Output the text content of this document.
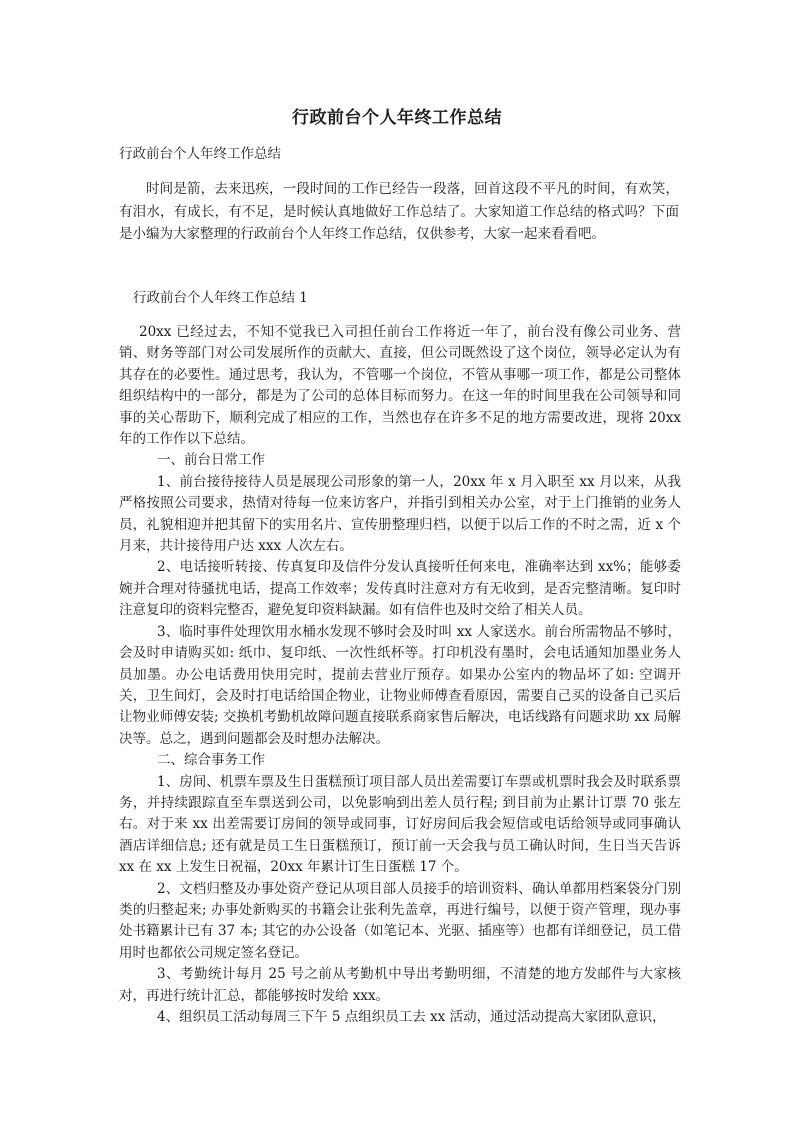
行政前台个人年终工作总结
行政前台个人年终工作总结
时间是箭，去来迅疾，一段时间的工作已经告一段落，回首这段不平凡的时间，有欢笑，有泪水，有成长，有不足，是时候认真地做好工作总结了。大家知道工作总结的格式吗？下面是小编为大家整理的行政前台个人年终工作总结，仅供参考，大家一起来看看吧。
行政前台个人年终工作总结 1

20xx 已经过去，不知不觉我已入司担任前台工作将近一年了，前台没有像公司业务、营销、财务等部门对公司发展所作的贡献大、直接，但公司既然设了这个岗位，领导必定认为有其存在的必要性。通过思考，我认为，不管哪一个岗位，不管从事哪一项工作，都是公司整体组织结构中的一部分，都是为了公司的总体目标而努力。在这一年的时间里我在公司领导和同事的关心帮助下，顺利完成了相应的工作，当然也存在许多不足的地方需要改进，现将 20xx 年的工作作以下总结。

一、前台日常工作

1、前台接待接待人员是展现公司形象的第一人，20xx 年 x 月入职至 xx 月以来，从我严格按照公司要求，热情对待每一位来访客户，并指引到相关办公室，对于上门推销的业务人员，礼貌相迎并把其留下的实用名片、宣传册整理归档，以便于以后工作的不时之需，近 x 个月来，共计接待用户达 xxx 人次左右。

2、电话接听转接、传真复印及信件分发认真接听任何来电，准确率达到 xx%；能够委婉并合理对待骚扰电话，提高工作效率；发传真时注意对方有无收到，是否完整清晰。复印时注意复印的资料完整否，避免复印资料缺漏。如有信件也及时交给了相关人员。

3、临时事件处理饮用水桶水发现不够时会及时叫 xx 人家送水。前台所需物品不够时，会及时申请购买如: 纸巾、复印纸、一次性纸杯等。打印机没有墨时，会电话通知加墨业务人员加墨。办公电话费用快用完时，提前去营业厅预存。如果办公室内的物品坏了如: 空调开关，卫生间灯，会及时打电话给国企物业，让物业师傅查看原因，需要自己买的设备自己买后让物业师傅安装; 交换机考勤机故障问题直接联系商家售后解决，电话线路有问题求助 xx 局解决等。总之，遇到问题都会及时想办法解决。

二、综合事务工作

1、房间、机票车票及生日蛋糕预订项目部人员出差需要订车票或机票时我会及时联系票务，并持续跟踪直至车票送到公司，以免影响到出差人员行程; 到目前为止累计订票 70 张左右。对于来 xx 出差需要订房间的领导或同事，订好房间后我会短信或电话给领导或同事确认酒店详细信息; 还有就是员工生日蛋糕预订，预订前一天会我与员工确认时间，生日当天告诉 xx 在 xx 上发生日祝福，20xx 年累计订生日蛋糕 17 个。

2、文档归整及办事处资产登记从项目部人员接手的培训资料、确认单都用档案袋分门别类的归整起来; 办事处新购买的书籍会让张利先盖章，再进行编号，以便于资产管理，现办事处书籍累计已有 37 本; 其它的办公设备（如笔记本、光驱、插座等）也都有详细登记，员工借用时也都依公司规定签名登记。

3、考勤统计每月 25 号之前从考勤机中导出考勤明细，不清楚的地方发邮件与大家核对，再进行统计汇总，都能够按时发给 xxx。

4、组织员工活动每周三下午 5 点组织员工去 xx 活动，通过活动提高大家团队意识，
